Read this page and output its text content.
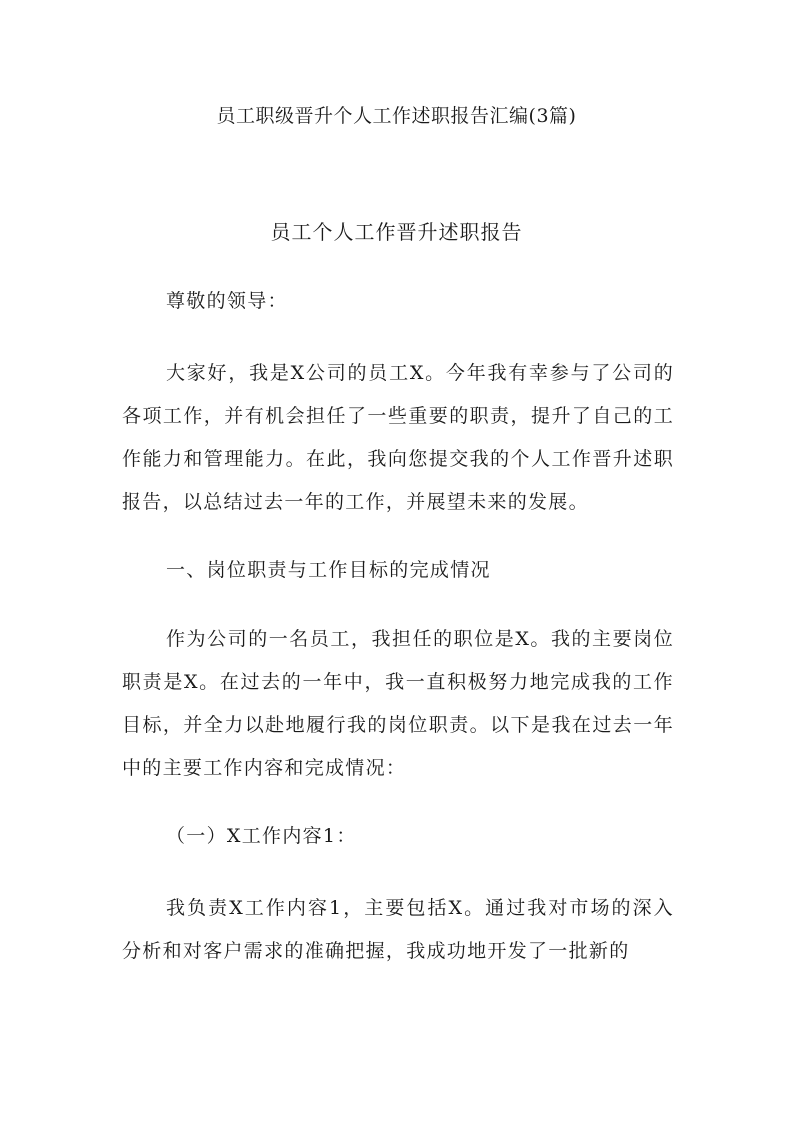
员工职级晋升个人工作述职报告汇编(3篇)
员工个人工作晋升述职报告

尊敬的领导：

大家好，我是X公司的员工X。今年我有幸参与了公司的各项工作，并有机会担任了一些重要的职责，提升了自己的工作能力和管理能力。在此，我向您提交我的个人工作晋升述职报告，以总结过去一年的工作，并展望未来的发展。

一、岗位职责与工作目标的完成情况

作为公司的一名员工，我担任的职位是X。我的主要岗位职责是X。在过去的一年中，我一直积极努力地完成我的工作目标，并全力以赴地履行我的岗位职责。以下是我在过去一年中的主要工作内容和完成情况：

（一）X工作内容1：

我负责X工作内容1，主要包括X。通过我对市场的深入分析和对客户需求的准确把握，我成功地开发了一批新的
